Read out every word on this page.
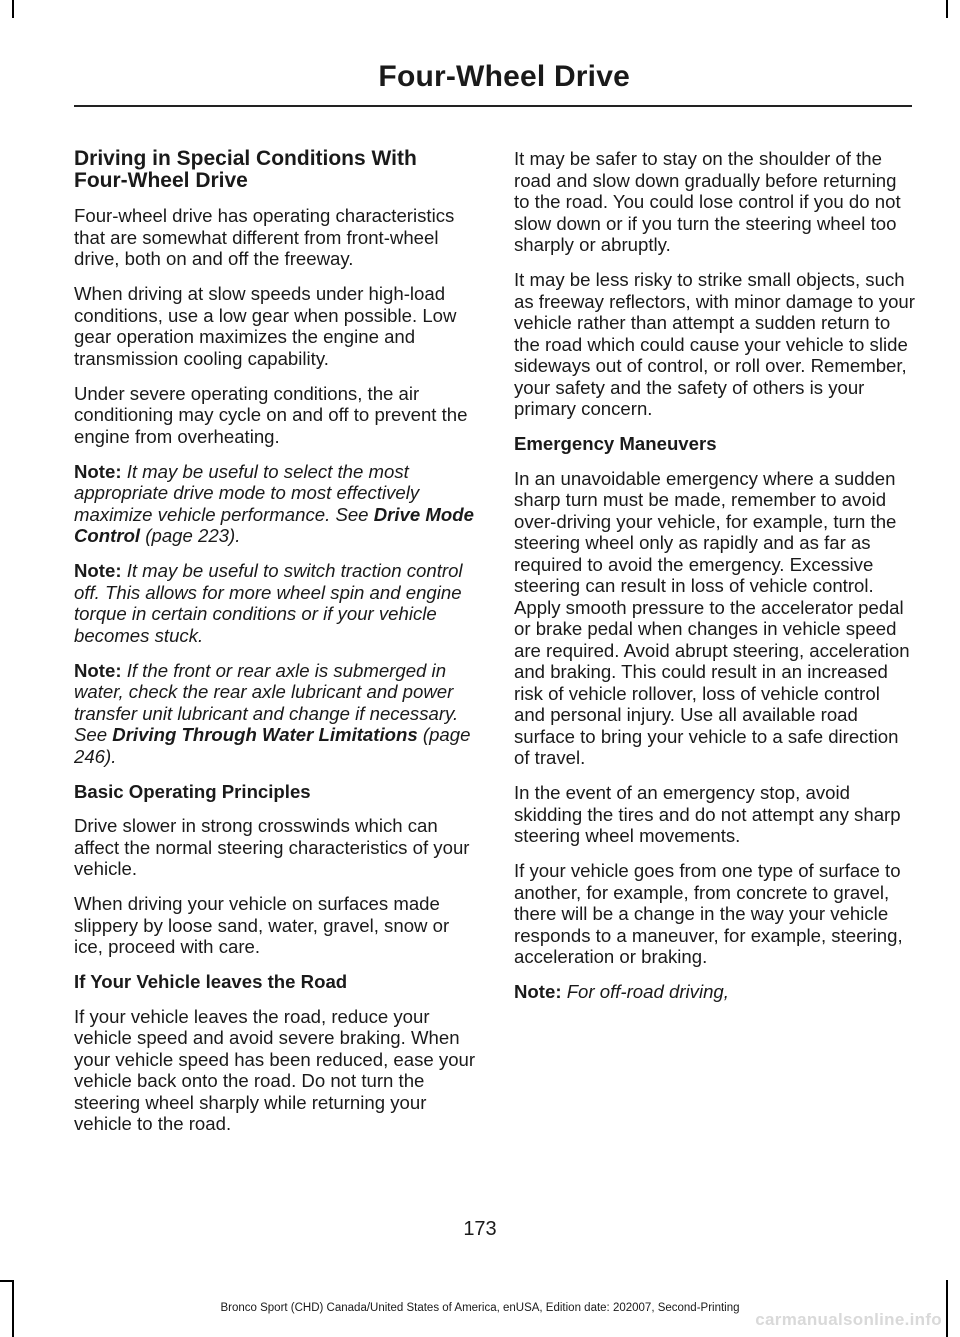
Four-Wheel Drive
Driving in Special Conditions With Four-Wheel Drive

Four-wheel drive has operating characteristics that are somewhat different from front-wheel drive, both on and off the freeway.

When driving at slow speeds under high-load conditions, use a low gear when possible. Low gear operation maximizes the engine and transmission cooling capability.

Under severe operating conditions, the air conditioning may cycle on and off to prevent the engine from overheating.

Note: It may be useful to select the most appropriate drive mode to most effectively maximize vehicle performance. See Drive Mode Control (page 223).

Note: It may be useful to switch traction control off. This allows for more wheel spin and engine torque in certain conditions or if your vehicle becomes stuck.

Note: If the front or rear axle is submerged in water, check the rear axle lubricant and power transfer unit lubricant and change if necessary. See Driving Through Water Limitations (page 246).

Basic Operating Principles

Drive slower in strong crosswinds which can affect the normal steering characteristics of your vehicle.

When driving your vehicle on surfaces made slippery by loose sand, water, gravel, snow or ice, proceed with care.

If Your Vehicle leaves the Road

If your vehicle leaves the road, reduce your vehicle speed and avoid severe braking. When your vehicle speed has been reduced, ease your vehicle back onto the road. Do not turn the steering wheel sharply while returning your vehicle to the road.

It may be safer to stay on the shoulder of the road and slow down gradually before returning to the road. You could lose control if you do not slow down or if you turn the steering wheel too sharply or abruptly.

It may be less risky to strike small objects, such as freeway reflectors, with minor damage to your vehicle rather than attempt a sudden return to the road which could cause your vehicle to slide sideways out of control, or roll over. Remember, your safety and the safety of others is your primary concern.

Emergency Maneuvers

In an unavoidable emergency where a sudden sharp turn must be made, remember to avoid over-driving your vehicle, for example, turn the steering wheel only as rapidly and as far as required to avoid the emergency. Excessive steering can result in loss of vehicle control. Apply smooth pressure to the accelerator pedal or brake pedal when changes in vehicle speed are required. Avoid abrupt steering, acceleration and braking. This could result in an increased risk of vehicle rollover, loss of vehicle control and personal injury. Use all available road surface to bring your vehicle to a safe direction of travel.

In the event of an emergency stop, avoid skidding the tires and do not attempt any sharp steering wheel movements.

If your vehicle goes from one type of surface to another, for example, from concrete to gravel, there will be a change in the way your vehicle responds to a maneuver, for example, steering, acceleration or braking.

Note: For off-road driving,

173
Bronco Sport (CHD) Canada/United States of America, enUSA, Edition date: 202007, Second-Printing
carmanualsonline.info
